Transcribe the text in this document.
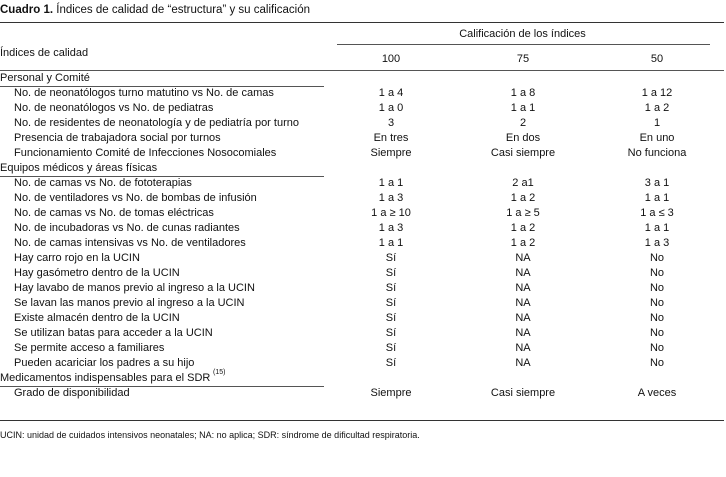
Cuadro 1. Índices de calidad de “estructura” y su calificación
Calificación de los índices
Índices de calidad	100	75	50
Personal y Comité
No. de neonatólogos turno matutino vs No. de camas	1 a 4	1 a 8	1 a 12
No. de neonatólogos vs No. de pediatras	1 a 0	1 a 1	1 a 2
No. de residentes de neonatología y de pediatría por turno	3	2	1
Presencia de trabajadora social por turnos	En tres	En dos	En uno
Funcionamiento Comité de Infecciones Nosocomiales	Siempre	Casi siempre	No funciona
Equipos médicos y áreas físicas
No. de camas vs No. de fototerapias	1 a 1	2 a1	3 a 1
No. de ventiladores vs No. de bombas de infusión	1 a 3	1 a 2	1 a 1
No. de camas vs No. de tomas eléctricas	1 a ≥ 10	1 a ≥ 5	1 a ≤ 3
No. de incubadoras vs No. de cunas radiantes	1 a 3	1 a 2	1 a 1
No. de camas intensivas vs No. de ventiladores	1 a 1	1 a 2	1 a 3
Hay carro rojo en la UCIN	Sí	NA	No
Hay gasómetro dentro de la UCIN	Sí	NA	No
Hay lavabo de manos previo al ingreso a la UCIN	Sí	NA	No
Se lavan las manos previo al ingreso a la UCIN	Sí	NA	No
Existe almacén dentro de la UCIN	Sí	NA	No
Se utilizan batas para acceder a la UCIN	Sí	NA	No
Se permite acceso a familiares	Sí	NA	No
Pueden acariciar los padres a su hijo	Sí	NA	No
Medicamentos indispensables para el SDR (15)
Grado de disponibilidad	Siempre	Casi siempre	A veces
UCIN: unidad de cuidados intensivos neonatales; NA: no aplica; SDR: síndrome de dificultad respiratoria.
